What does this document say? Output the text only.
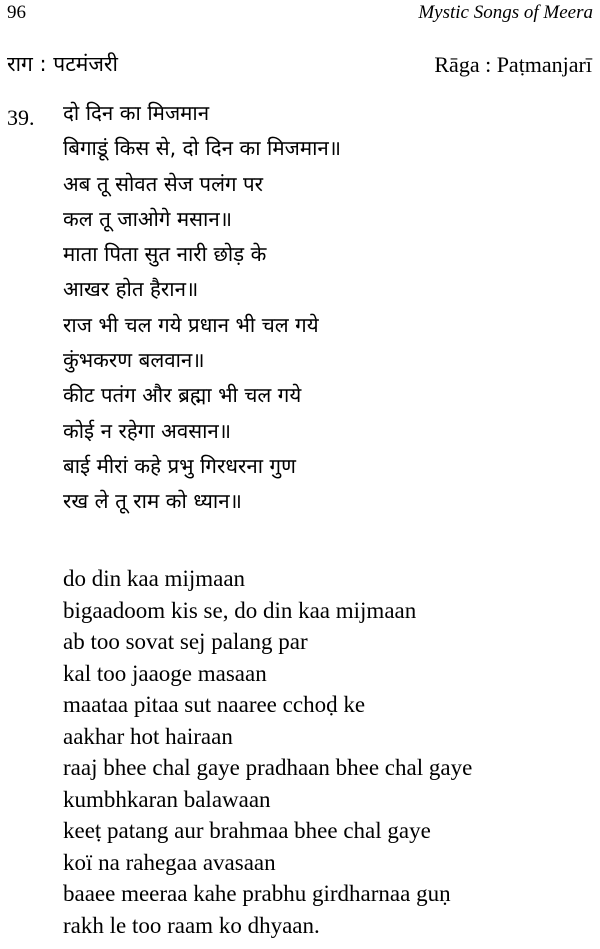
96	Mystic Songs of Meera
राग : पटमंजरी	Rāga : Paṭmanjarī
39. दो दिन का मिजमान
बिगाडूं किस से, दो दिन का मिजमान॥
अब तू सोवत सेज पलंग पर
कल तू जाओगे मसान॥
माता पिता सुत नारी छोड़ के
आखर होत हैरान॥
राज भी चल गये प्रधान भी चल गये
कुंभकरण बलवान॥
कीट पतंग और ब्रह्मा भी चल गये
कोई न रहेगा अवसान॥
बाई मीरां कहे प्रभु गिरधरना गुण
रख ले तू राम को ध्यान॥
do din kaa mijmaan
bigaadoom kis se, do din kaa mijmaan
ab too sovat sej palang par
kal too jaaoge masaan
maataa pitaa sut naaree cchoḍ ke
aakhar hot hairaan
raaj bhee chal gaye pradhaan bhee chal gaye
kumbhkaran balawaan
keeṭ patang aur brahmaa bhee chal gaye
koï na rahegaa avasaan
baaee meeraa kahe prabhu girdharnaa guṇ
rakh le too raam ko dhyaan.
